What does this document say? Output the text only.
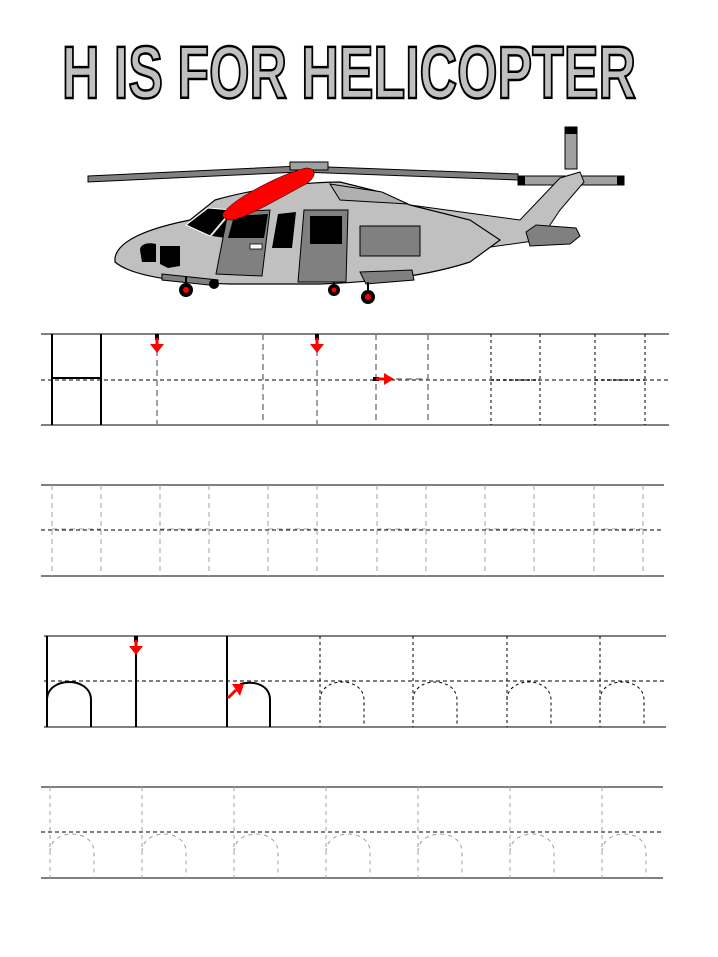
H IS FOR HELICOPTER
